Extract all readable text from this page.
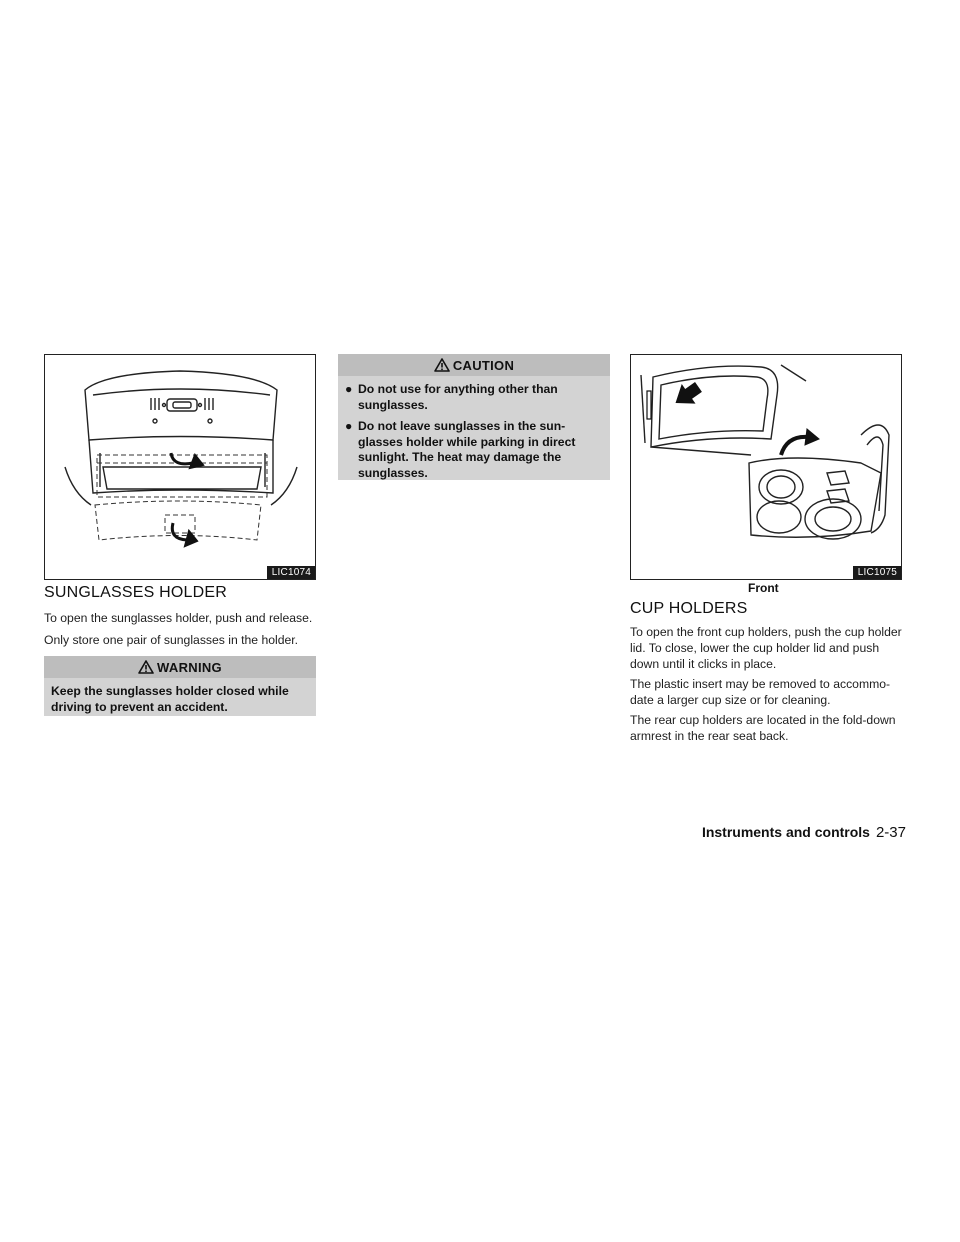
LIC1074
SUNGLASSES HOLDER

To open the sunglasses holder, push and release.

Only store one pair of sunglasses in the holder.

WARNING
Keep the sunglasses holder closed while driving to prevent an accident.
CAUTION
● Do not use for anything other than sunglasses.
● Do not leave sunglasses in the sun-glasses holder while parking in direct sunlight. The heat may damage the sunglasses.
LIC1075
Front
CUP HOLDERS

To open the front cup holders, push the cup holder lid. To close, lower the cup holder lid and push down until it clicks in place.

The plastic insert may be removed to accommo-date a larger cup size or for cleaning.

The rear cup holders are located in the fold-down armrest in the rear seat back.

Instruments and controls 2-37
